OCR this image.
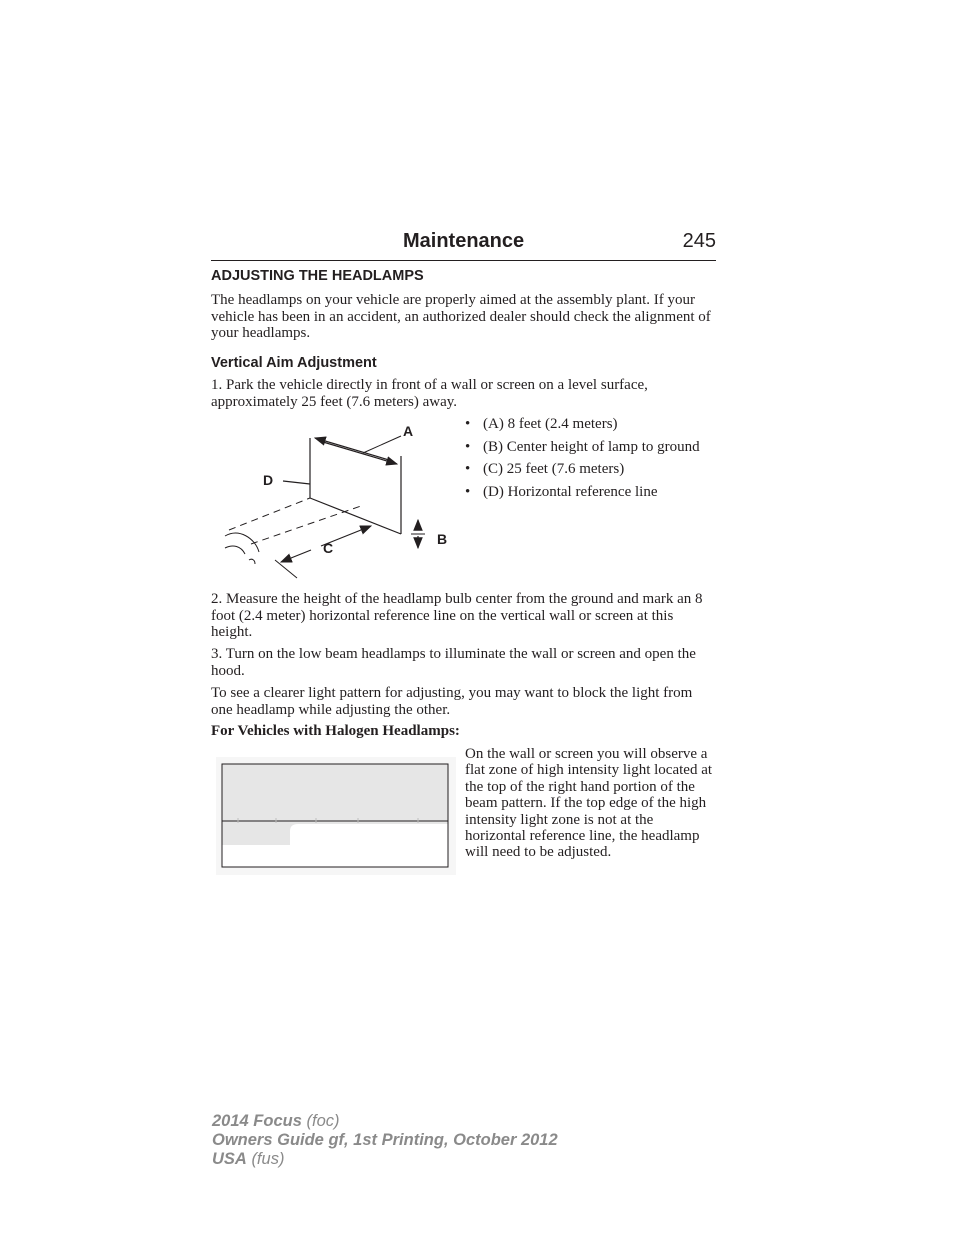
Maintenance	245
ADJUSTING THE HEADLAMPS
The headlamps on your vehicle are properly aimed at the assembly plant. If your vehicle has been in an accident, an authorized dealer should check the alignment of your headlamps.
Vertical Aim Adjustment
1. Park the vehicle directly in front of a wall or screen on a level surface, approximately 25 feet (7.6 meters) away.
A
B
C
D
• (A) 8 feet (2.4 meters)
• (B) Center height of lamp to ground
• (C) 25 feet (7.6 meters)
• (D) Horizontal reference line
2. Measure the height of the headlamp bulb center from the ground and mark an 8 foot (2.4 meter) horizontal reference line on the vertical wall or screen at this height.
3. Turn on the low beam headlamps to illuminate the wall or screen and open the hood.
To see a clearer light pattern for adjusting, you may want to block the light from one headlamp while adjusting the other.
For Vehicles with Halogen Headlamps:
On the wall or screen you will observe a flat zone of high intensity light located at the top of the right hand portion of the beam pattern. If the top edge of the high intensity light zone is not at the horizontal reference line, the headlamp will need to be adjusted.
2014 Focus (foc)
Owners Guide gf, 1st Printing, October 2012
USA (fus)
